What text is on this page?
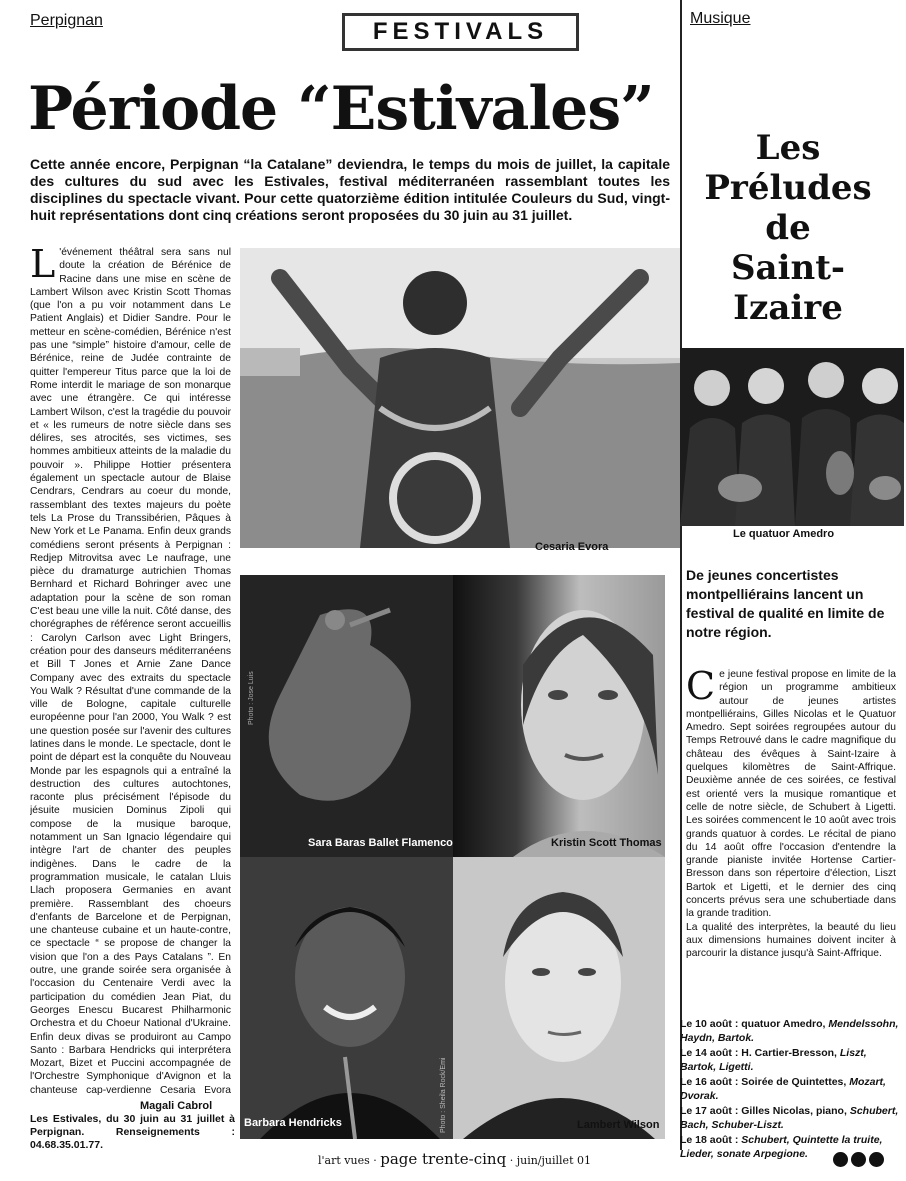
Perpignan	FESTIVALS	Musique
Période “Estivales”
Cette année encore, Perpignan “la Catalane” deviendra, le temps du mois de juillet, la capitale des cultures du sud avec les Estivales, festival méditerranéen rassemblant toutes les disciplines du spectacle vivant. Pour cette quatorzième édition intitulée Couleurs du Sud, vingt-huit représentations dont cinq créations seront proposées du 30 juin au 31 juillet.
L 'événement théâtral sera sans nul doute la création de Bérénice de Racine dans une mise en scène de Lambert Wilson avec Kristin Scott Thomas (que l'on a pu voir notamment dans Le Patient Anglais) et Didier Sandre. Pour le metteur en scène-comédien, Bérénice n'est pas une “simple” histoire d'amour, celle de Bérénice, reine de Judée contrainte de quitter l'empereur Titus parce que la loi de Rome interdit le mariage de son monarque avec une étrangère. Ce qui intéresse Lambert Wilson, c'est la tragédie du pouvoir et « les rumeurs de notre siècle dans ses délires, ses atrocités, ses victimes, ses hommes ambitieux atteints de la maladie du pouvoir ». Philippe Hottier présentera également un spectacle autour de Blaise Cendrars, Cendrars au coeur du monde, rassemblant des textes majeurs du poète tels La Prose du Transsibérien, Pâques à New York et Le Panama. Enfin deux grands comédiens seront présents à Perpignan : Redjep Mitrovitsa avec Le naufrage, une pièce du dramaturge autrichien Thomas Bernhard et Richard Bohringer avec une adaptation pour la scène de son roman C'est beau une ville la nuit. Côté danse, des chorégraphes de référence seront accueillis : Carolyn Carlson avec Light Bringers, création pour des danseurs méditerranéens et Bill T Jones et Arnie Zane Dance Company avec des extraits du spectacle You Walk ? Résultat d'une commande de la ville de Bologne, capitale culturelle européenne pour l'an 2000, You Walk ? est une question posée sur l'avenir des cultures latines dans le monde. Le spectacle, dont le point de départ est la conquête du Nouveau Monde par les espagnols qui a entraîné la destruction des cultures autochtones, raconte plus précisément l'épisode du jésuite musicien Dominus Zipoli qui compose de la musique baroque, notamment un San Ignacio légendaire qui intègre l'art de chanter des peuples indigènes. Dans le cadre de la programmation musicale, le catalan Lluis Llach proposera Germanies en avant première. Rassemblant des choeurs d'enfants de Barcelone et de Perpignan, une chanteuse cubaine et un haute-contre, ce spectacle “ se propose de changer la vision que l'on a des Pays Catalans ”. En outre, une grande soirée sera organisée à l'occasion du Centenaire Verdi avec la participation du comédien Jean Piat, du Georges Enescu Bucarest Philharmonic Orchestra et du Choeur National d'Ukraine. Enfin deux divas se produiront au Campo Santo : Barbara Hendricks qui interprétera Mozart, Bizet et Puccini accompagnée de l'Orchestre Symphonique d'Avignon et la chanteuse cap-verdienne Cesaria Evora
Magali Cabrol
Les Estivales, du 30 juin au 31 juillet à Perpignan. Renseignements : 04.68.35.01.77.
Cesaria Evora
Photo : Jose Luis
Sara Baras Ballet Flamenco	Kristin Scott Thomas
Barbara Hendricks	Photo : Sheila Rock/Emi	Lambert Wilson
Les
Préludes
de
Saint-Izaire
Le quatuor Amedro
De jeunes concertistes montpelliérains lancent un festival de qualité en limite de notre région.
C e jeune festival propose en limite de la région un programme ambitieux autour de jeunes artistes montpelliérains, Gilles Nicolas et le Quatuor Amedro. Sept soirées regroupées autour du Temps Retrouvé dans le cadre magnifique du château des évêques à Saint-Izaire à quelques kilomètres de Saint-Affrique. Deuxième année de ces soirées, ce festival est orienté vers la musique romantique et celle de notre siècle, de Schubert à Ligetti. Les soirées commencent le 10 août avec trois grands quatuor à cordes. Le récital de piano du 14 août offre l'occasion d'entendre la grande pianiste invitée Hortense Cartier-Bresson dans son répertoire d'élection, Liszt Bartok et Ligetti, et le dernier des cinq concerts prévus sera une schubertiade dans la grande tradition.
La qualité des interprètes, la beauté du lieu aux dimensions humaines doivent inciter à parcourir la distance jusqu'à Saint-Affrique.
Le 10 août : quatuor Amedro, Mendelssohn, Haydn, Bartok.
Le 14 août : H. Cartier-Bresson, Liszt, Bartok, Ligetti.
Le 16 août : Soirée de Quintettes, Mozart, Dvorak.
Le 17 août : Gilles Nicolas, piano, Schubert, Bach, Schuber-Liszt.
Le 18 août : Schubert, Quintette la truite, Lieder, sonate Arpegione.
l'art vues · page trente-cinq · juin/juillet 01
